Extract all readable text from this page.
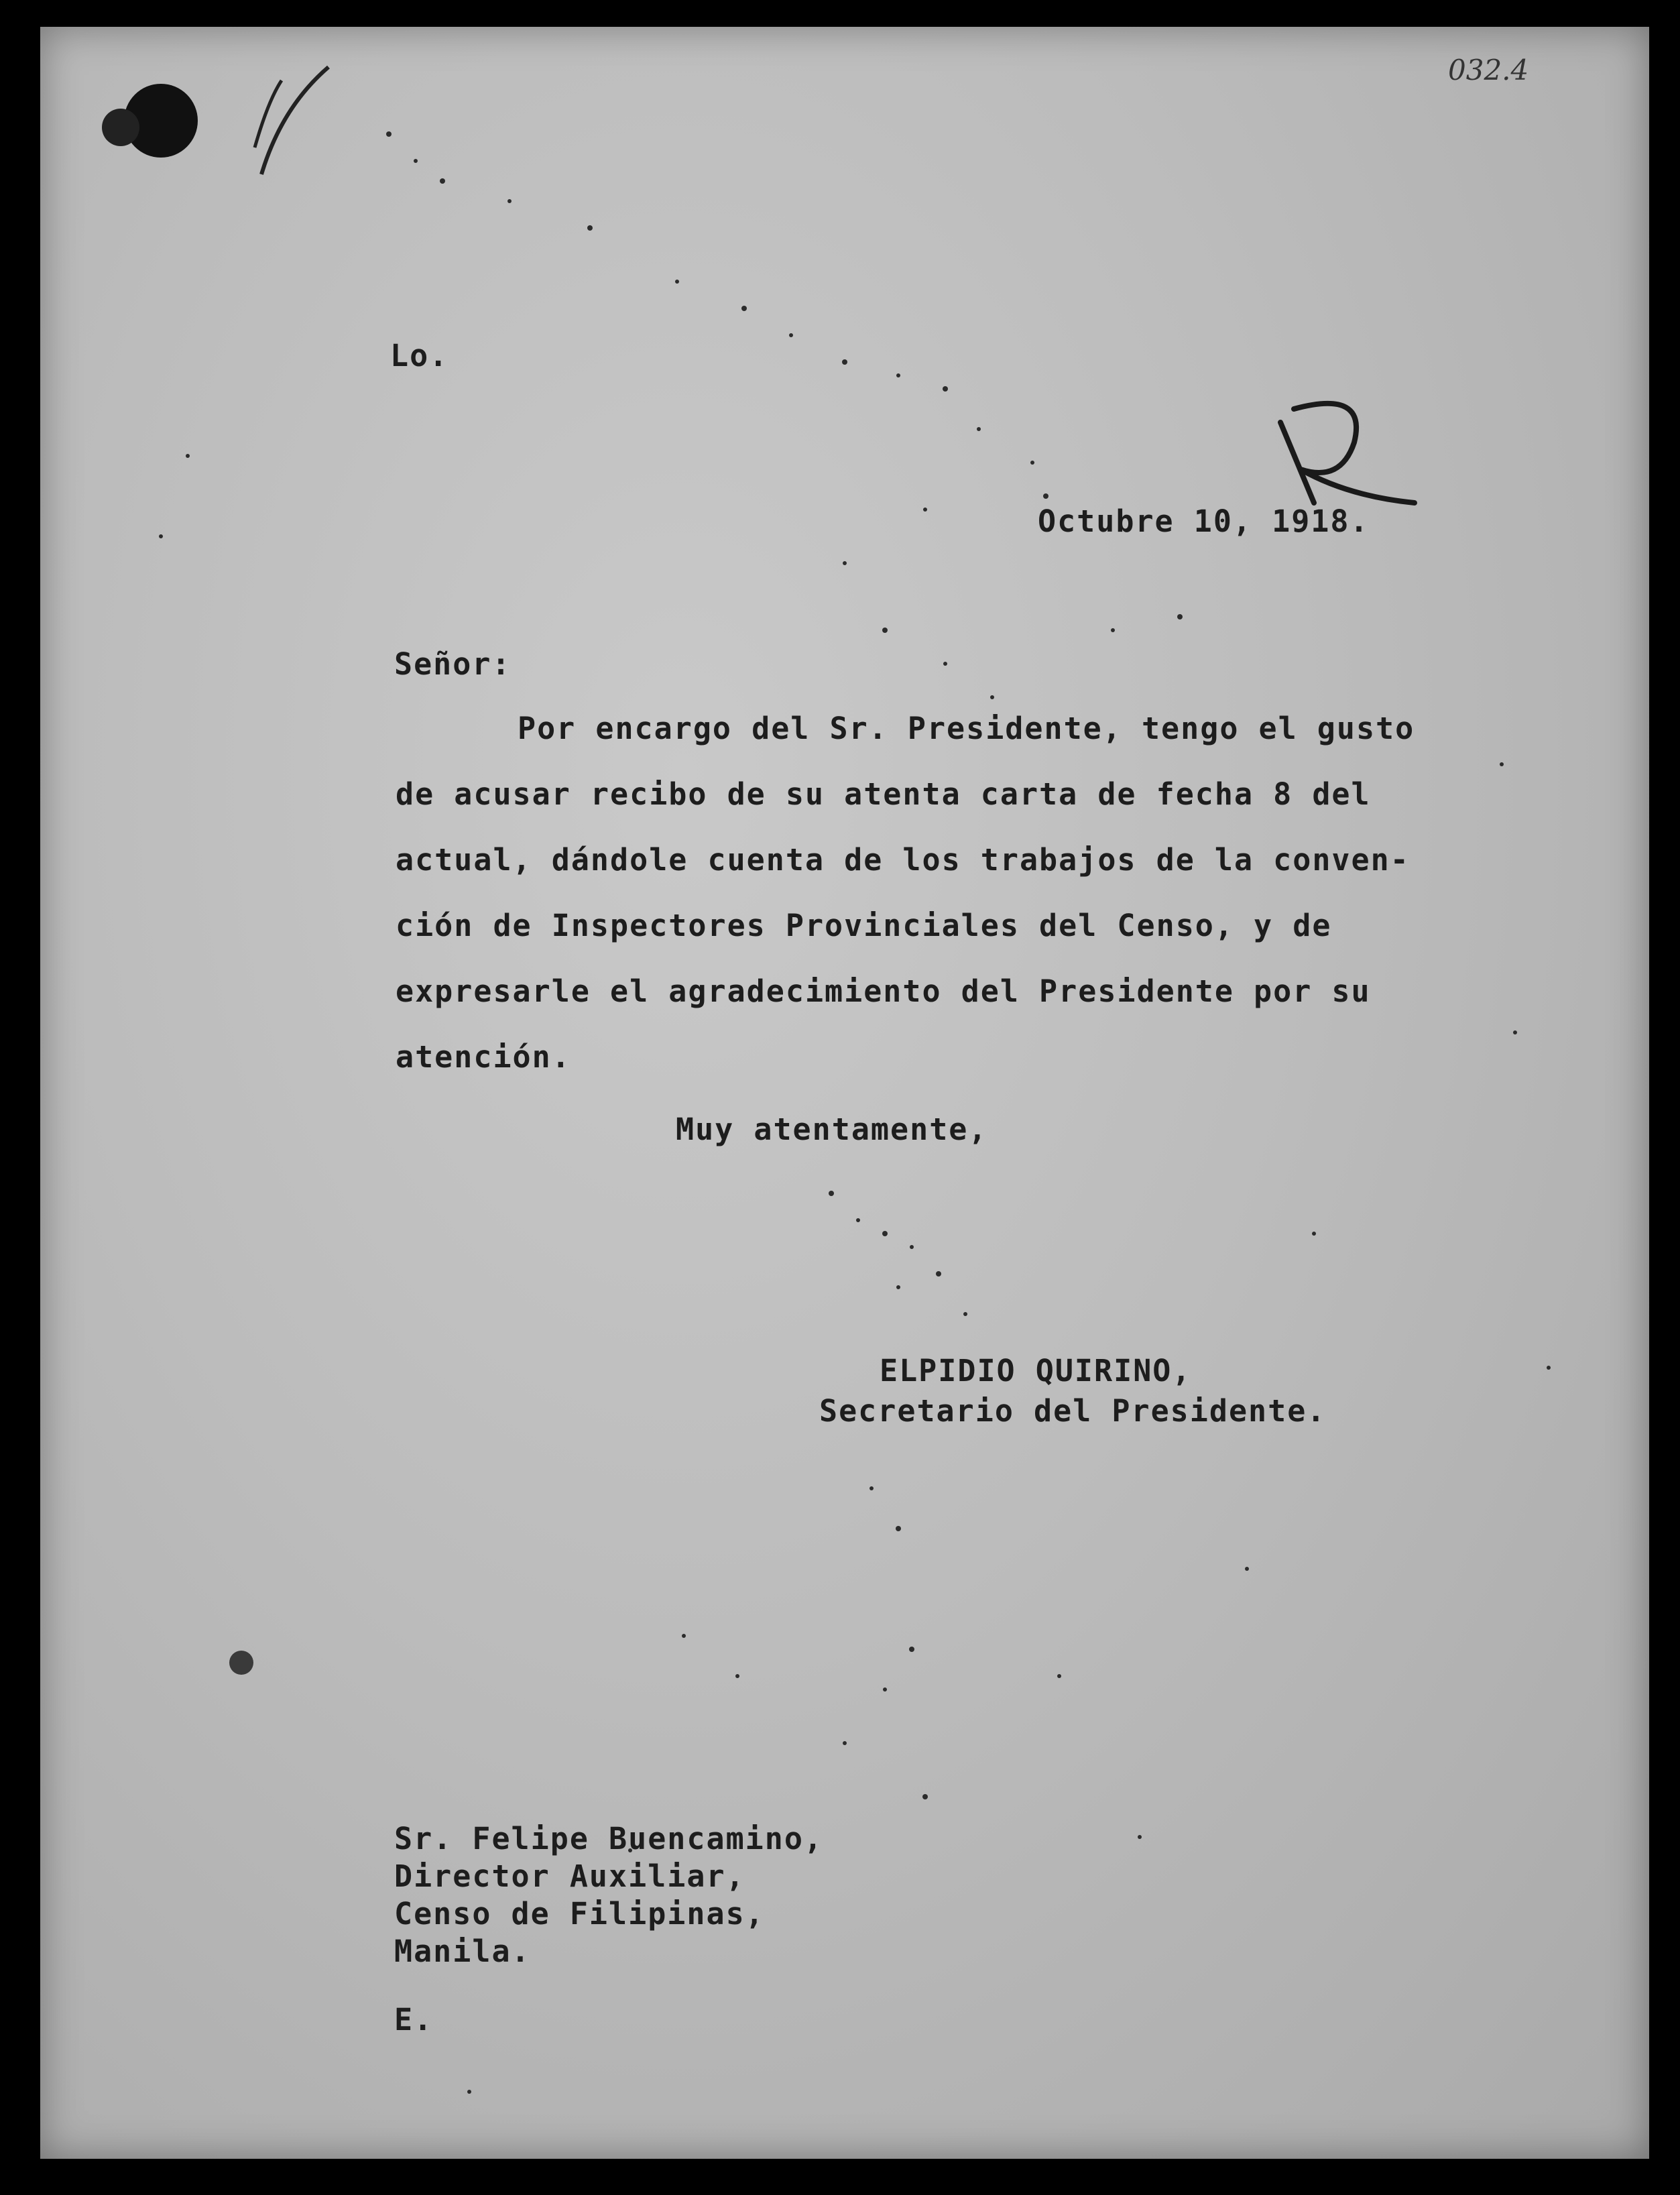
032.4
Lo.
Octubre 10, 1918.
Señor:
Por encargo del Sr. Presidente, tengo el gusto
de acusar recibo de su atenta carta de fecha 8 del
actual, dándole cuenta de los trabajos de la conven-
ción de Inspectores Provinciales del Censo, y de
expresarle el agradecimiento del Presidente por su
atención.
Muy atentamente,
ELPIDIO QUIRINO,
Secretario del Presidente.
Sr. Felipe Buencamino,
Director Auxiliar,
Censo de Filipinas,
Manila.
E.
